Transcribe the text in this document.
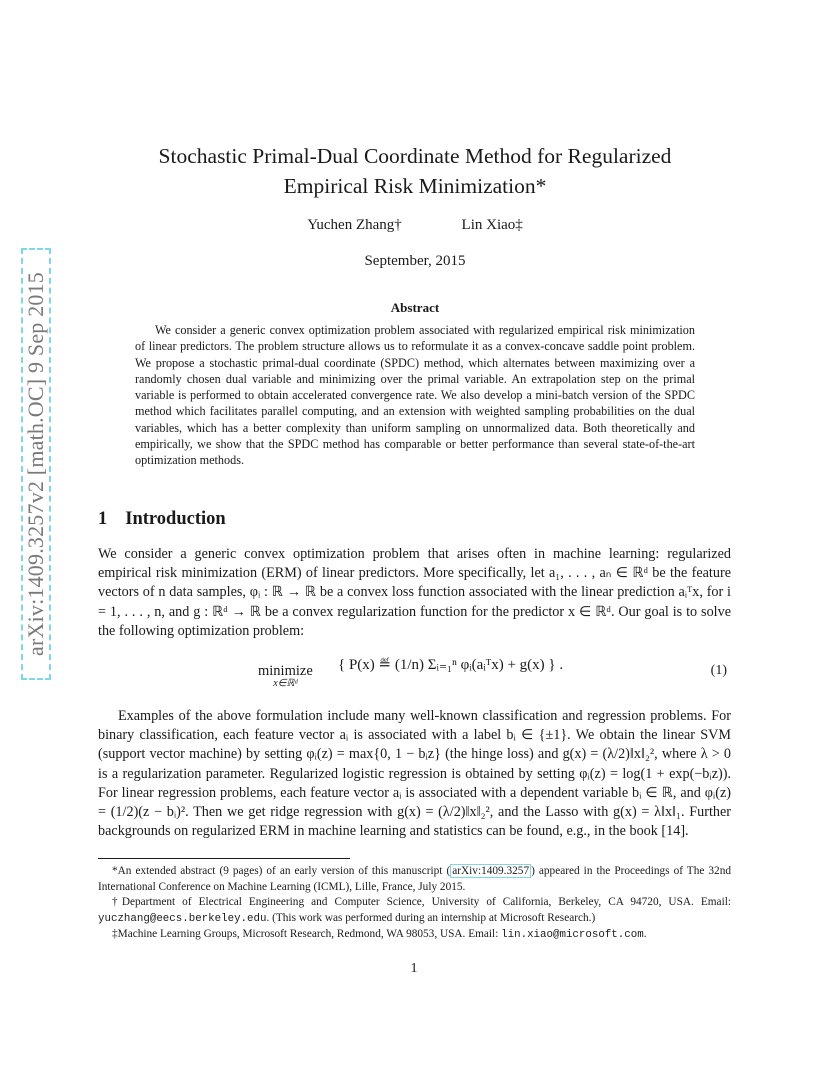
arXiv:1409.3257v2 [math.OC] 9 Sep 2015
Stochastic Primal-Dual Coordinate Method for Regularized
Empirical Risk Minimization*
Yuchen Zhang†	Lin Xiao‡
September, 2015
Abstract
We consider a generic convex optimization problem associated with regularized empirical risk minimization of linear predictors. The problem structure allows us to reformulate it as a convex-concave saddle point problem. We propose a stochastic primal-dual coordinate (SPDC) method, which alternates between maximizing over a randomly chosen dual variable and minimizing over the primal variable. An extrapolation step on the primal variable is performed to obtain accelerated convergence rate. We also develop a mini-batch version of the SPDC method which facilitates parallel computing, and an extension with weighted sampling probabilities on the dual variables, which has a better complexity than uniform sampling on unnormalized data. Both theoretically and empirically, we show that the SPDC method has comparable or better performance than several state-of-the-art optimization methods.
1 Introduction
We consider a generic convex optimization problem that arises often in machine learning: regularized empirical risk minimization (ERM) of linear predictors. More specifically, let a₁, . . . , aₙ ∈ ℝᵈ be the feature vectors of n data samples, φᵢ : ℝ → ℝ be a convex loss function associated with the linear prediction aᵢᵀx, for i = 1, . . . , n, and g : ℝᵈ → ℝ be a convex regularization function for the predictor x ∈ ℝᵈ. Our goal is to solve the following optimization problem:
minimize
x∈ℝᵈ
{ P(x) ≝ (1/n) Σᵢ₌₁ⁿ φᵢ(aᵢᵀx) + g(x) } .	(1)
Examples of the above formulation include many well-known classification and regression problems. For binary classification, each feature vector aᵢ is associated with a label bᵢ ∈ {±1}. We obtain the linear SVM (support vector machine) by setting φᵢ(z) = max{0, 1 − bᵢz} (the hinge loss) and g(x) = (λ/2)‖x‖₂², where λ > 0 is a regularization parameter. Regularized logistic regression is obtained by setting φᵢ(z) = log(1 + exp(−bᵢz)). For linear regression problems, each feature vector aᵢ is associated with a dependent variable bᵢ ∈ ℝ, and φᵢ(z) = (1/2)(z − bᵢ)². Then we get ridge regression with g(x) = (λ/2)‖x‖₂², and the Lasso with g(x) = λ‖x‖₁. Further backgrounds on regularized ERM in machine learning and statistics can be found, e.g., in the book [14].

*An extended abstract (9 pages) of an early version of this manuscript ( arXiv:1409.3257 ) appeared in the Proceedings of The 32nd International Conference on Machine Learning (ICML), Lille, France, July 2015.

†Department of Electrical Engineering and Computer Science, University of California, Berkeley, CA 94720, USA. Email: yuczhang@eecs.berkeley.edu. (This work was performed during an internship at Microsoft Research.)

‡Machine Learning Groups, Microsoft Research, Redmond, WA 98053, USA. Email: lin.xiao@microsoft.com.

1
